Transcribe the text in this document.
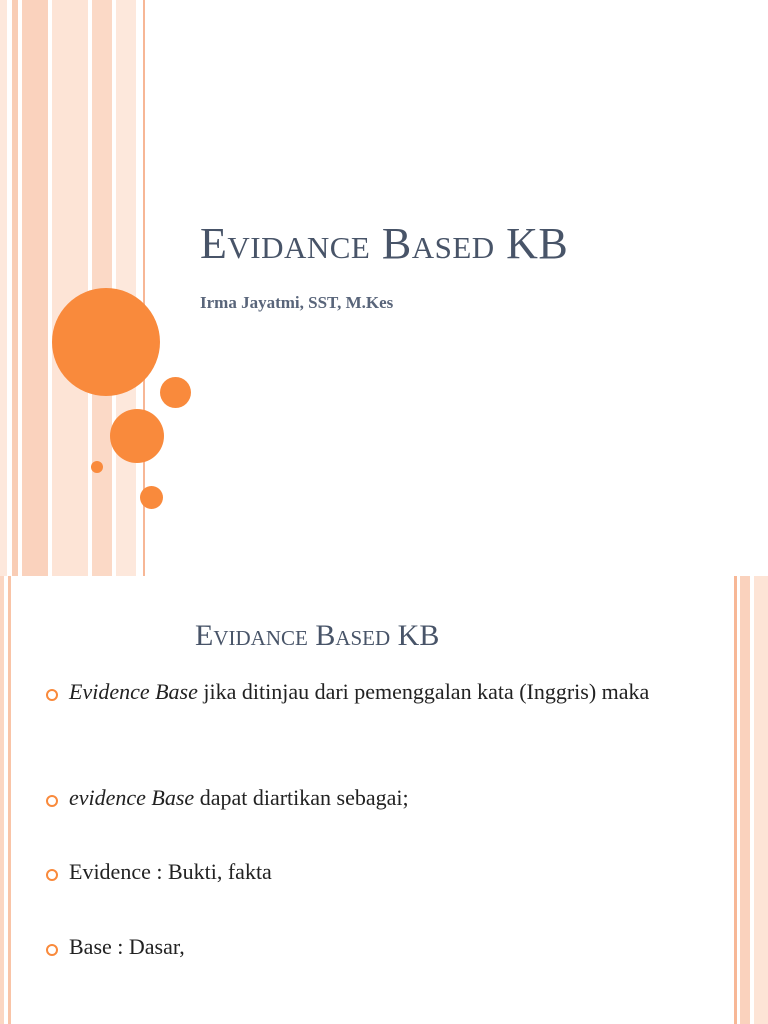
Evidance Based KB
Irma Jayatmi, SST, M.Kes
Evidance Based KB
Evidence Base jika ditinjau dari pemenggalan kata (Inggris) maka
evidence Base dapat diartikan sebagai;
Evidence : Bukti, fakta
Base : Dasar,
